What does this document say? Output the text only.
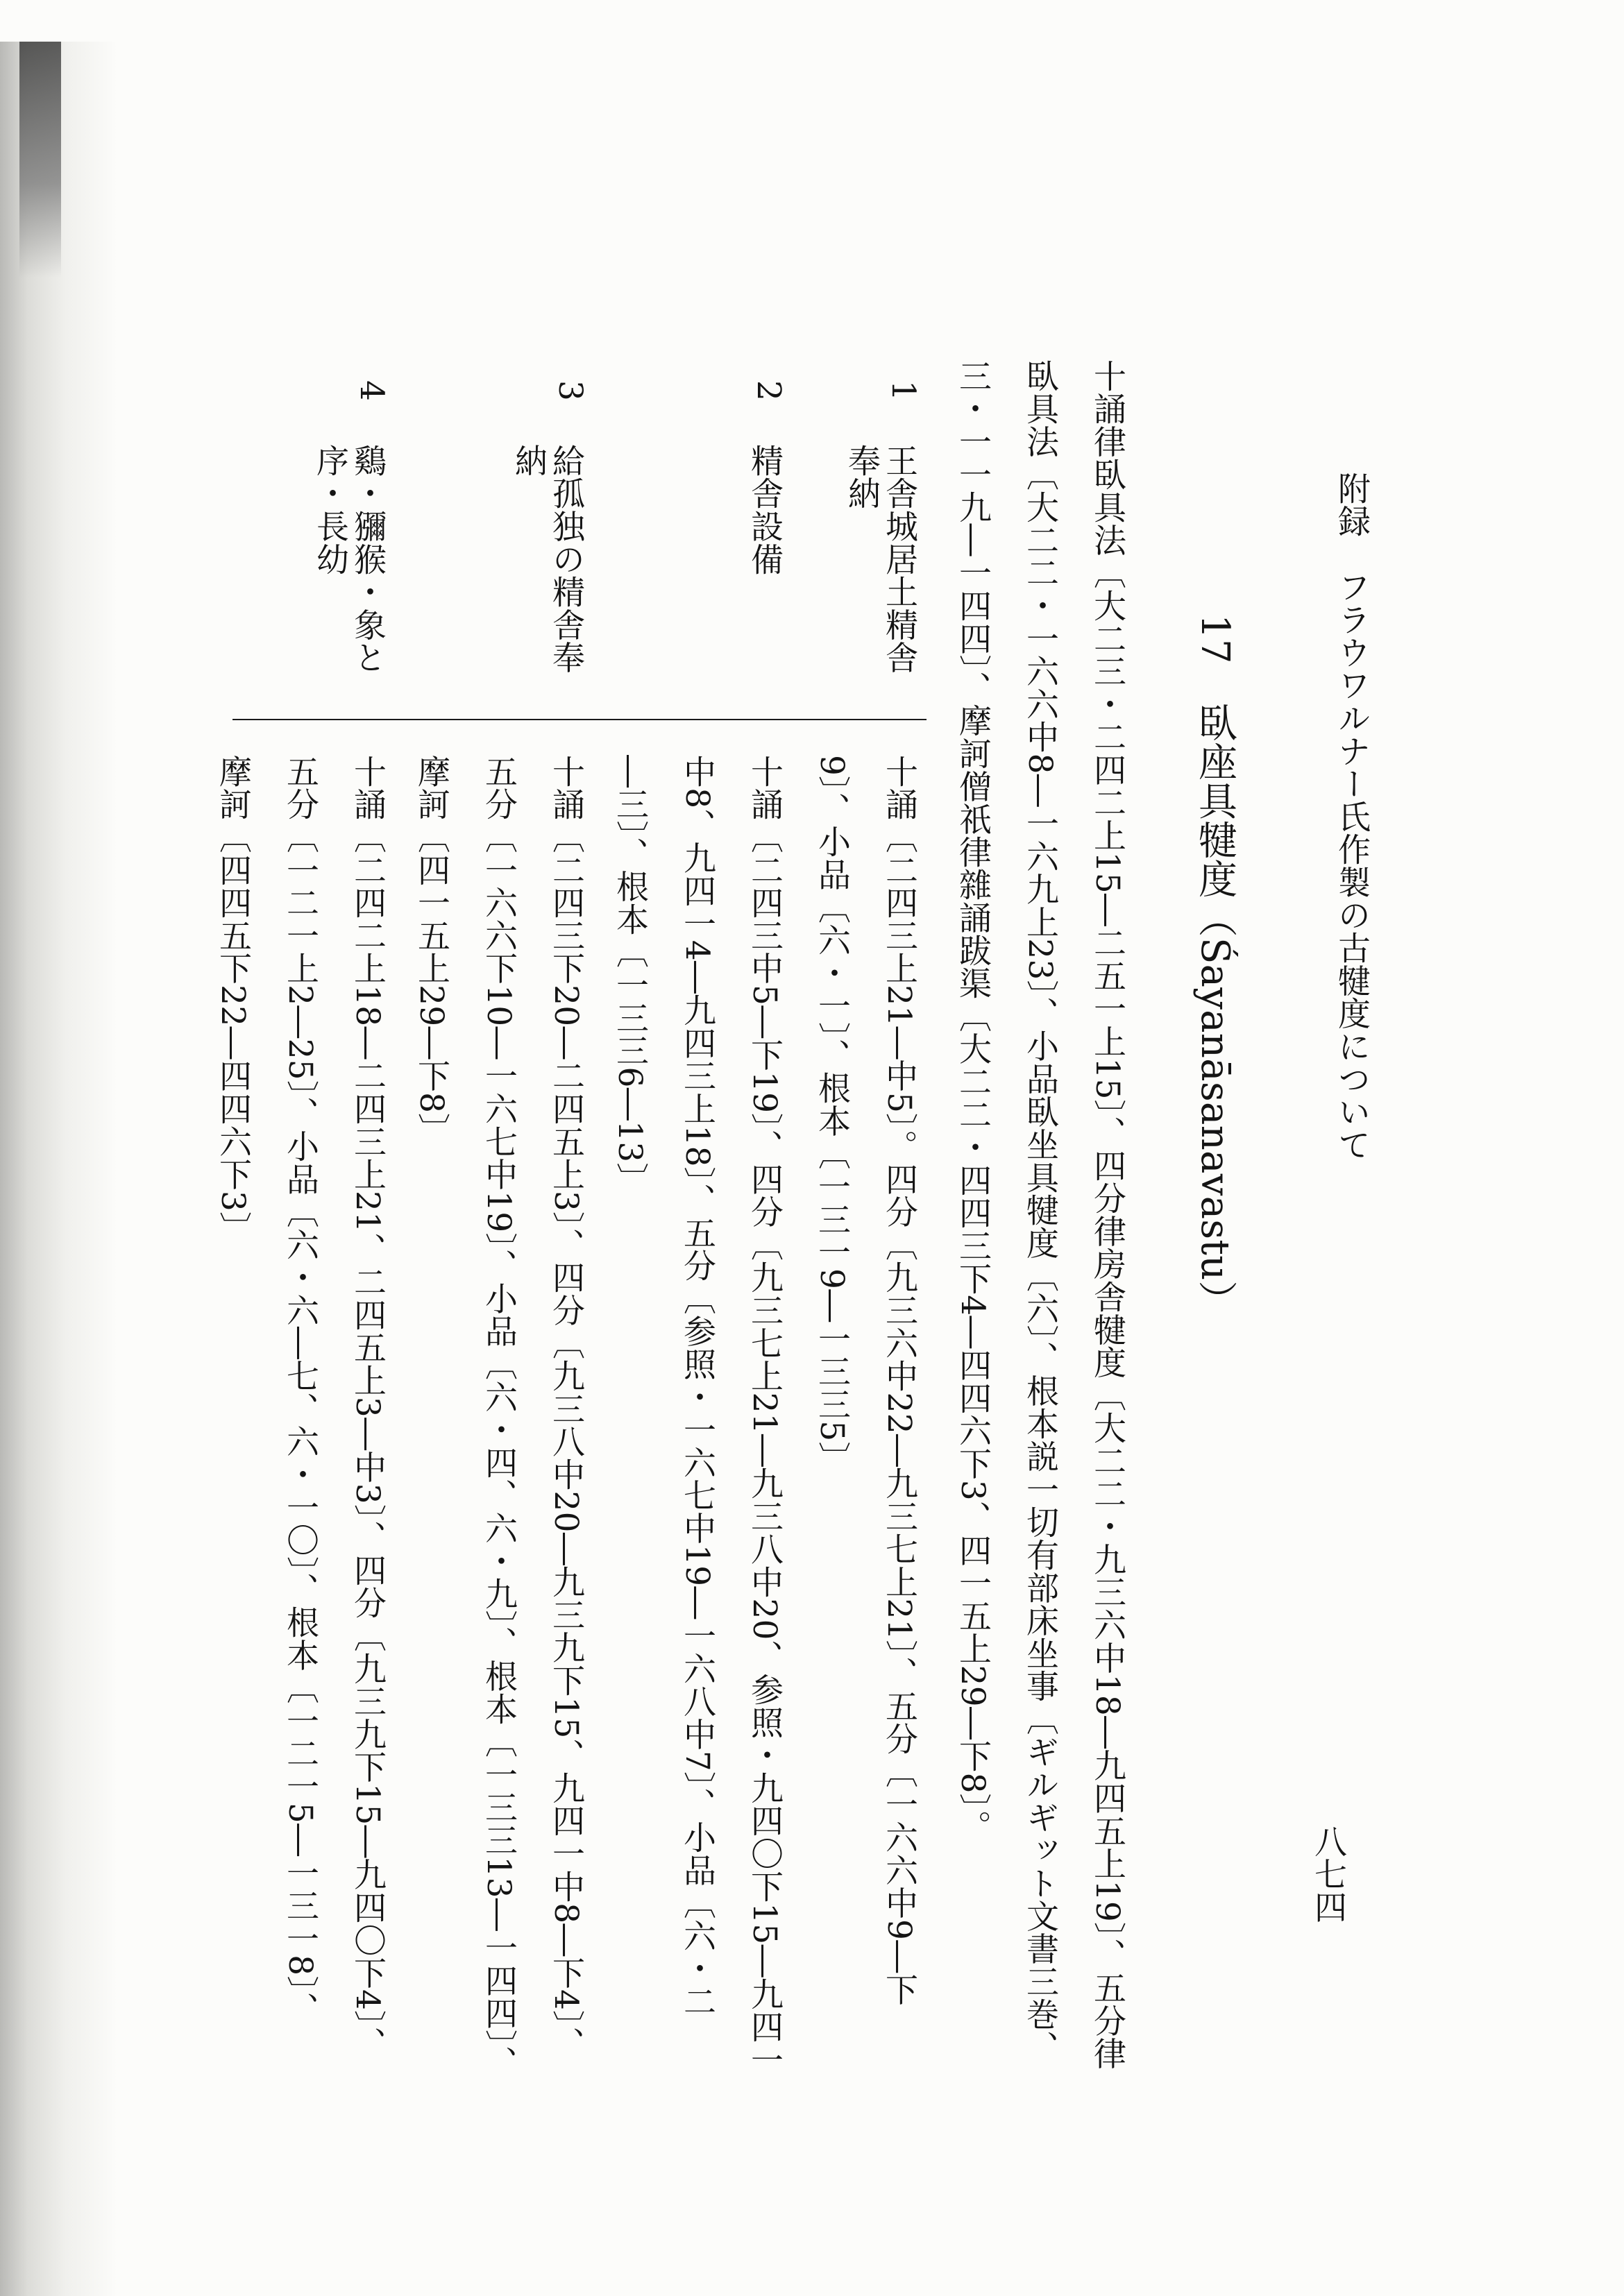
附録　フラウワルナー氏作製の古犍度について
八七四
17　臥座具犍度（Śayanāsanavastu）
十誦律臥具法〔大二三・二四二上15―二五一上15〕、四分律房舎犍度〔大二二・九三六中18―九四五上19〕、五分律
臥具法〔大二二・一六六中8―一六九上23〕、小品臥坐具犍度〔六〕、根本説一切有部床坐事〔ギルギット文書三巻、
三・一一九―一四四〕、摩訶僧祇律雜誦跋渠〔大二二・四四三下4―四四六下3、四一五上29―下8〕。
1
王舎城居土精舎
奉納
2
精舎設備
3
給孤独の精舎奉
納
4
鷄・獼猴・象と
序・長幼
十誦〔二四三上21―中5〕。四分〔九三六中22―九三七上21〕、五分〔一六六中9―下
9〕、小品〔六・一〕、根本〔一三一9―一三三5〕
十誦〔二四三中5―下19〕、四分〔九三七上21―九三八中20、参照・九四〇下15―九四一
中8、九四一4―九四三上18〕、五分〔参照・一六七中19―一六八中7〕、小品〔六・二
―三〕、根本〔一三三6―13〕
十誦〔二四三下20―二四五上3〕、四分〔九三八中20―九三九下15、九四一中8―下4〕、
五分〔一六六下10―一六七中19〕、小品〔六・四、六・九〕、根本〔一三三13―一四四〕、
摩訶〔四一五上29―下8〕
十誦〔二四二上18―二四三上21、二四五上3―中3〕、四分〔九三九下15―九四〇下4〕、
五分〔一二一上2―25〕、小品〔六・六―七、六・一〇〕、根本〔一二一5―一三一8〕、
摩訶〔四四五下22―四四六下3〕
